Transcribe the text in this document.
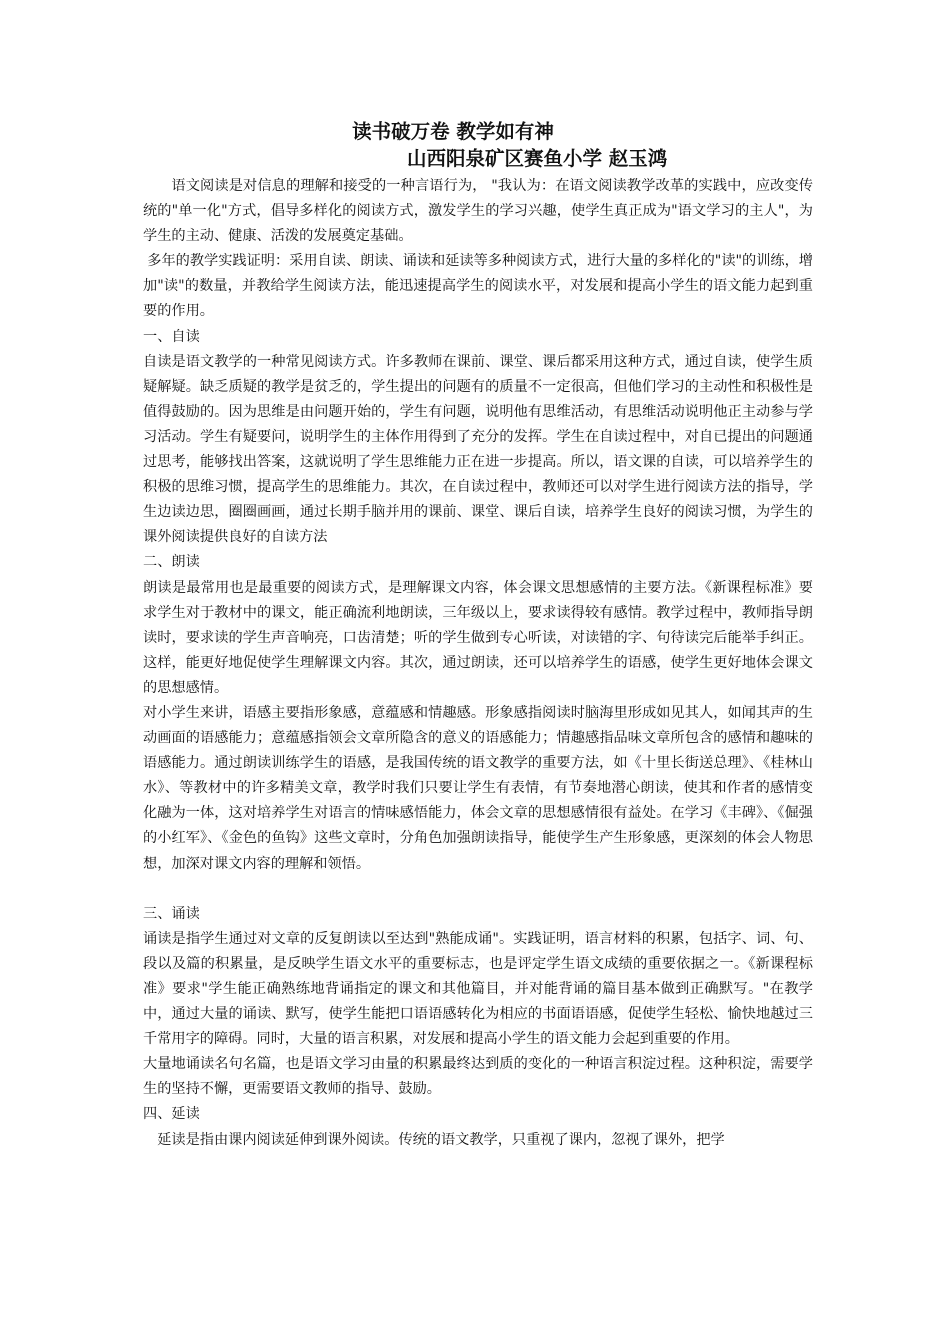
读书破万卷 教学如有神
山西阳泉矿区赛鱼小学 赵玉鸿

语文阅读是对信息的理解和接受的一种言语行为， "我认为：在语文阅读教学改革的实践中，应改变传统的"单一化"方式，倡导多样化的阅读方式，激发学生的学习兴趣，使学生真正成为"语文学习的主人"，为学生的主动、健康、活泼的发展奠定基础。

多年的教学实践证明：采用自读、朗读、诵读和延读等多种阅读方式，进行大量的多样化的"读"的训练，增加"读"的数量，并教给学生阅读方法，能迅速提高学生的阅读水平，对发展和提高小学生的语文能力起到重要的作用。

一、自读

自读是语文教学的一种常见阅读方式。许多教师在课前、课堂、课后都采用这种方式，通过自读，使学生质疑解疑。缺乏质疑的教学是贫乏的，学生提出的问题有的质量不一定很高，但他们学习的主动性和积极性是值得鼓励的。因为思维是由问题开始的，学生有问题，说明他有思维活动，有思维活动说明他正主动参与学习活动。学生有疑要问，说明学生的主体作用得到了充分的发挥。学生在自读过程中，对自已提出的问题通过思考，能够找出答案，这就说明了学生思维能力正在进一步提高。所以，语文课的自读，可以培养学生的积极的思维习惯，提高学生的思维能力。其次，在自读过程中，教师还可以对学生进行阅读方法的指导，学生边读边思，圈圈画画，通过长期手脑并用的课前、课堂、课后自读，培养学生良好的阅读习惯，为学生的课外阅读提供良好的自读方法

二、朗读

朗读是最常用也是最重要的阅读方式，是理解课文内容，体会课文思想感情的主要方法。《新课程标准》要求学生对于教材中的课文，能正确流利地朗读，三年级以上，要求读得较有感情。教学过程中，教师指导朗读时，要求读的学生声音响亮，口齿清楚；听的学生做到专心听读，对读错的字、句待读完后能举手纠正。这样，能更好地促使学生理解课文内容。其次，通过朗读，还可以培养学生的语感，使学生更好地体会课文的思想感情。

对小学生来讲，语感主要指形象感，意蕴感和情趣感。形象感指阅读时脑海里形成如见其人，如闻其声的生动画面的语感能力；意蕴感指领会文章所隐含的意义的语感能力；情趣感指品味文章所包含的感情和趣味的语感能力。通过朗读训练学生的语感，是我国传统的语文教学的重要方法，如《十里长街送总理》、《桂林山水》、等教材中的许多精美文章，教学时我们只要让学生有表情，有节奏地潜心朗读，使其和作者的感情变化融为一体，这对培养学生对语言的情味感悟能力，体会文章的思想感情很有益处。在学习《丰碑》、《倔强的小红军》、《金色的鱼钩》这些文章时，分角色加强朗读指导，能使学生产生形象感，更深刻的体会人物思想，加深对课文内容的理解和领悟。

三、诵读

诵读是指学生通过对文章的反复朗读以至达到"熟能成诵"。实践证明，语言材料的积累，包括字、词、句、段以及篇的积累量，是反映学生语文水平的重要标志，也是评定学生语文成绩的重要依据之一。《新课程标准》要求"学生能正确熟练地背诵指定的课文和其他篇目，并对能背诵的篇目基本做到正确默写。"在教学中，通过大量的诵读、默写，使学生能把口语语感转化为相应的书面语语感，促使学生轻松、愉快地越过三千常用字的障碍。同时，大量的语言积累，对发展和提高小学生的语文能力会起到重要的作用。

大量地诵读名句名篇，也是语文学习由量的积累最终达到质的变化的一种语言积淀过程。这种积淀，需要学生的坚持不懈，更需要语文教师的指导、鼓励。

四、延读

延读是指由课内阅读延伸到课外阅读。传统的语文教学，只重视了课内，忽视了课外，把学
